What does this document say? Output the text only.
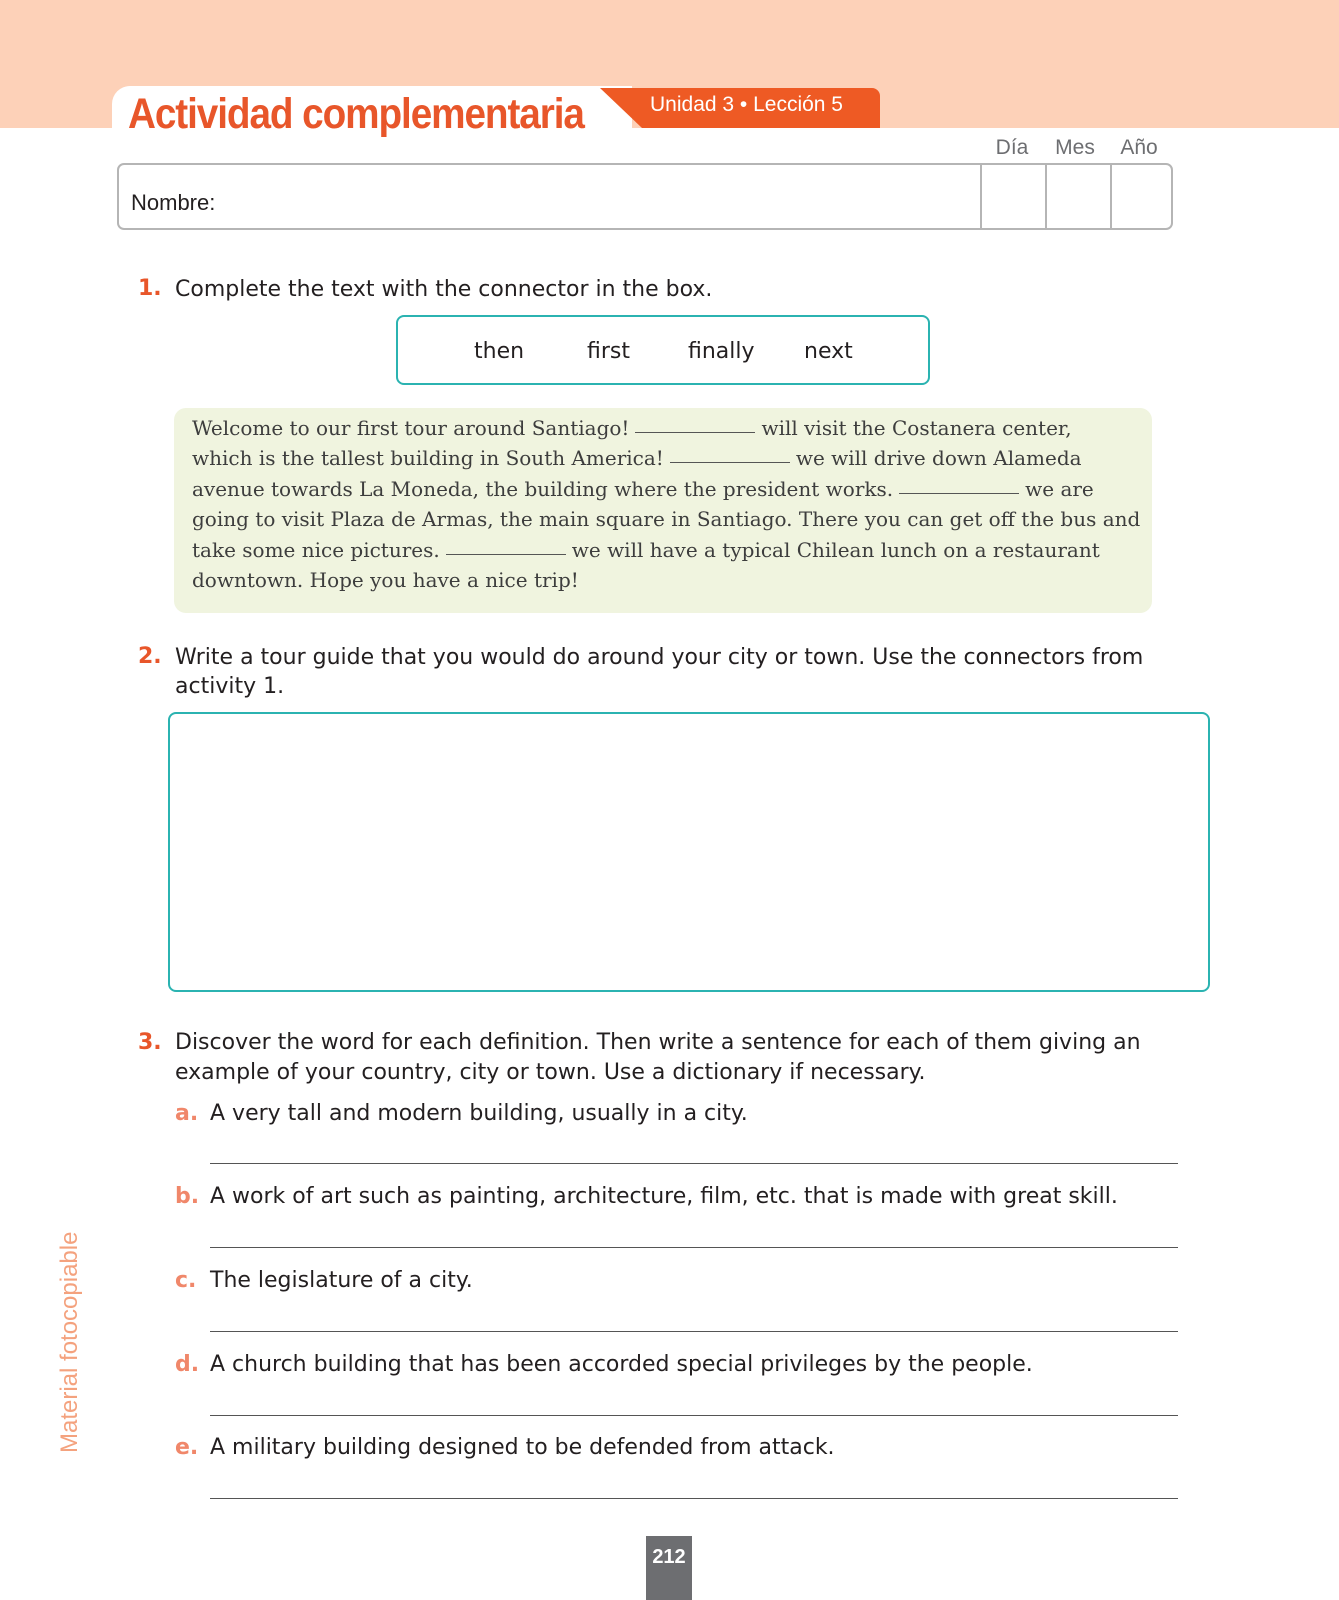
Actividad complementaria	Unidad 3 • Lección 5
Día	Mes	Año
Nombre:
1. Complete the text with the connector in the box.

then	first	finally next
Welcome to our first tour around Santiago!	will visit the Costanera center,
which is the tallest building in South America!	we will drive down Alameda
avenue towards La Moneda, the building where the president works.	we are
going to visit Plaza de Armas, the main square in Santiago. There you can get off the bus and
take some nice pictures.	we will have a typical Chilean lunch on a restaurant
downtown. Hope you have a nice trip!
2. Write a tour guide that you would do around your city or town. Use the connectors from

activity 1.

3. Discover the word for each definition. Then write a sentence for each of them giving an

example of your country, city or town. Use a dictionary if necessary.

a. A very tall and modern building, usually in a city.
b. A work of art such as painting, architecture, film, etc. that is made with great skill.
c. The legislature of a city.
d. A church building that has been accorded special privileges by the people.
e. A military building designed to be defended from attack.
Material fotocopiable
212
